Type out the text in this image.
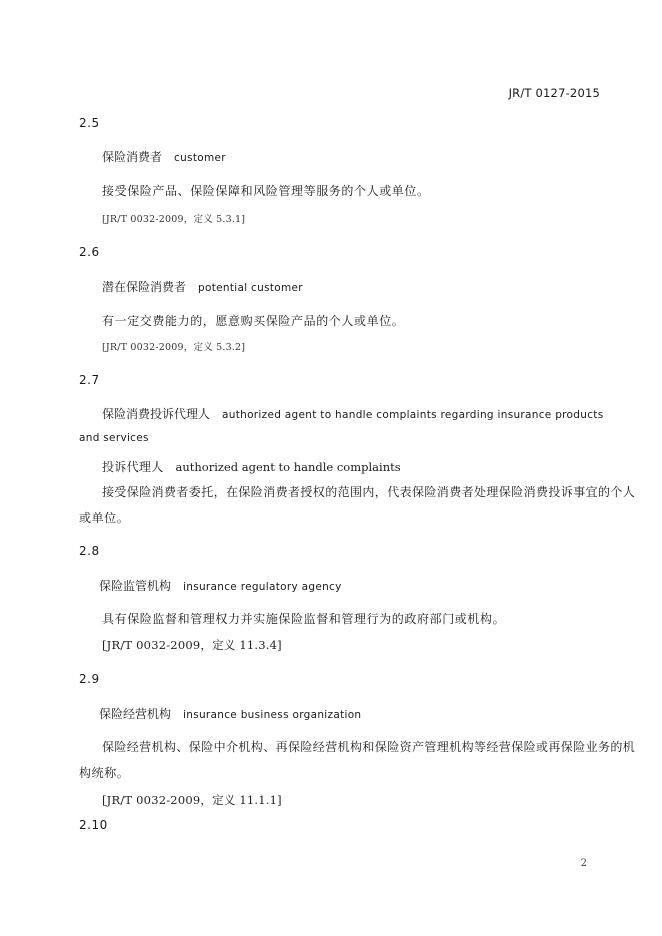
JR/T 0127-2015
2.5
保险消费者 customer
接受保险产品、保险保障和风险管理等服务的个人或单位。
[JR/T 0032-2009，定义 5.3.1]
2.6
潜在保险消费者 potential customer
有一定交费能力的，愿意购买保险产品的个人或单位。
[JR/T 0032-2009，定义 5.3.2]
2.7
保险消费投诉代理人 authorized agent to handle complaints regarding insurance products
and services
投诉代理人 authorized agent to handle complaints
接受保险消费者委托，在保险消费者授权的范围内，代表保险消费者处理保险消费投诉事宜的个人
或单位。
2.8
保险监管机构 insurance regulatory agency
具有保险监督和管理权力并实施保险监督和管理行为的政府部门或机构。
[JR/T 0032-2009，定义 11.3.4]
2.9
保险经营机构 insurance business organization
保险经营机构、保险中介机构、再保险经营机构和保险资产管理机构等经营保险或再保险业务的机
构统称。
[JR/T 0032-2009，定义 11.1.1]
2.10
2
